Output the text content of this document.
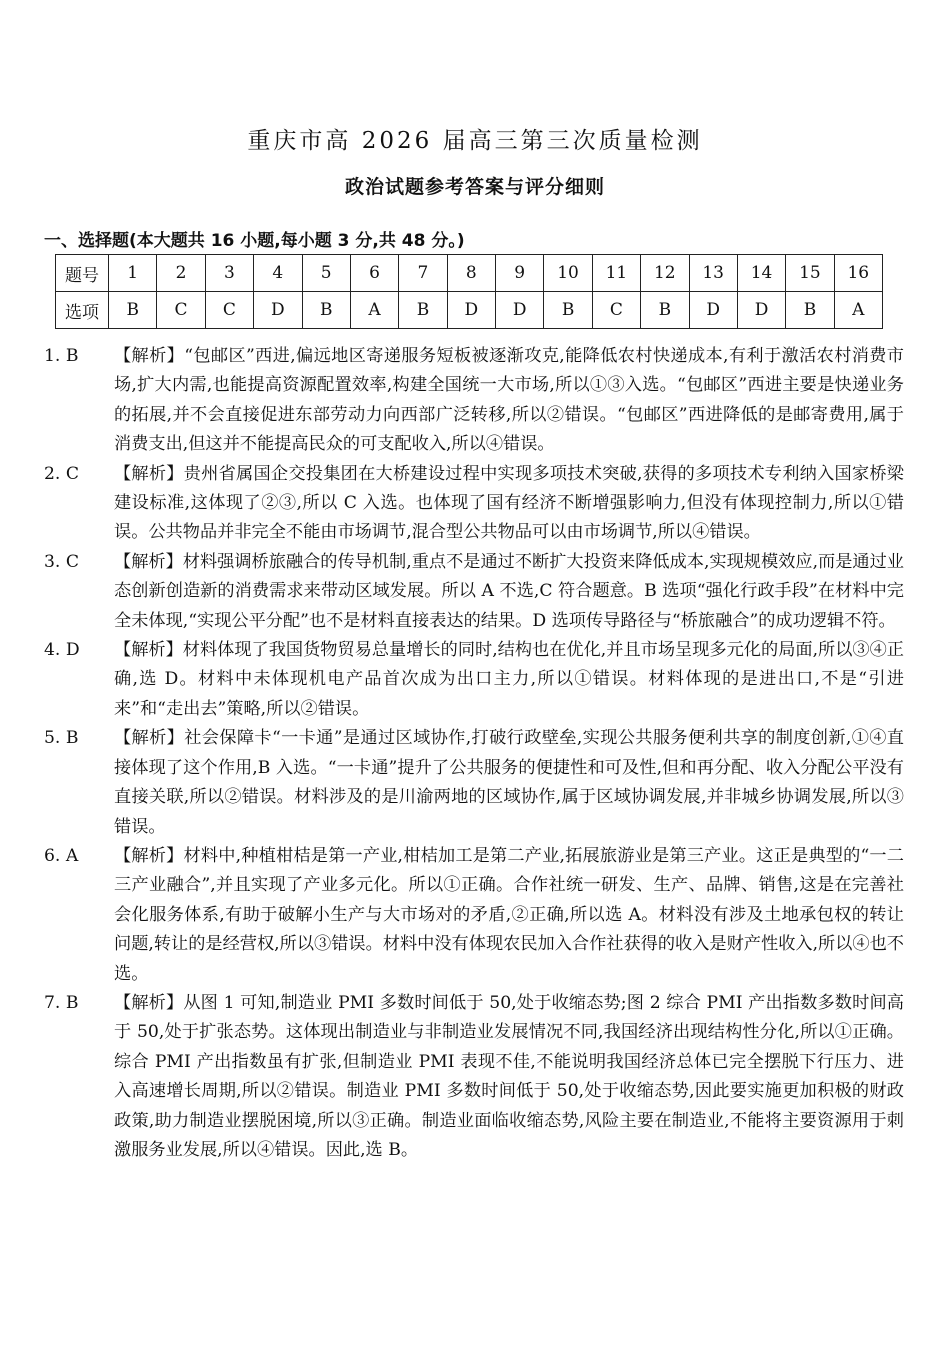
重庆市高 2026 届高三第三次质量检测
政治试题参考答案与评分细则
一、选择题(本大题共 16 小题,每小题 3 分,共 48 分。)
题号	1	2	3	4	5	6	7	8	9	10	11	12	13	14	15	16
选项	B	C	C	D	B	A	B	D	D	B	C	B	D	D	B	A
1. B	【解析】“包邮区”西进,偏远地区寄递服务短板被逐渐攻克,能降低农村快递成本,有利于激活农村消费市场,扩大内需,也能提高资源配置效率,构建全国统一大市场,所以①③入选。“包邮区”西进主要是快递业务的拓展,并不会直接促进东部劳动力向西部广泛转移,所以②错误。“包邮区”西进降低的是邮寄费用,属于消费支出,但这并不能提高民众的可支配收入,所以④错误。
2. C	【解析】贵州省属国企交投集团在大桥建设过程中实现多项技术突破,获得的多项技术专利纳入国家桥梁建设标准,这体现了②③,所以 C 入选。也体现了国有经济不断增强影响力,但没有体现控制力,所以①错误。公共物品并非完全不能由市场调节,混合型公共物品可以由市场调节,所以④错误。
3. C	【解析】材料强调桥旅融合的传导机制,重点不是通过不断扩大投资来降低成本,实现规模效应,而是通过业态创新创造新的消费需求来带动区域发展。所以 A 不选,C 符合题意。B 选项“强化行政手段”在材料中完全未体现,“实现公平分配”也不是材料直接表达的结果。D 选项传导路径与“桥旅融合”的成功逻辑不符。
4. D	【解析】材料体现了我国货物贸易总量增长的同时,结构也在优化,并且市场呈现多元化的局面,所以③④正确,选 D。材料中未体现机电产品首次成为出口主力,所以①错误。材料体现的是进出口,不是“引进来”和“走出去”策略,所以②错误。
5. B	【解析】社会保障卡“一卡通”是通过区域协作,打破行政壁垒,实现公共服务便利共享的制度创新,①④直接体现了这个作用,B 入选。“一卡通”提升了公共服务的便捷性和可及性,但和再分配、收入分配公平没有直接关联,所以②错误。材料涉及的是川渝两地的区域协作,属于区域协调发展,并非城乡协调发展,所以③错误。
6. A	【解析】材料中,种植柑桔是第一产业,柑桔加工是第二产业,拓展旅游业是第三产业。这正是典型的“一二三产业融合”,并且实现了产业多元化。所以①正确。合作社统一研发、生产、品牌、销售,这是在完善社会化服务体系,有助于破解小生产与大市场对的矛盾,②正确,所以选 A。材料没有涉及土地承包权的转让问题,转让的是经营权,所以③错误。材料中没有体现农民加入合作社获得的收入是财产性收入,所以④也不选。
7. B	【解析】从图 1 可知,制造业 PMI 多数时间低于 50,处于收缩态势;图 2 综合 PMI 产出指数多数时间高于 50,处于扩张态势。这体现出制造业与非制造业发展情况不同,我国经济出现结构性分化,所以①正确。综合 PMI 产出指数虽有扩张,但制造业 PMI 表现不佳,不能说明我国经济总体已完全摆脱下行压力、进入高速增长周期,所以②错误。制造业 PMI 多数时间低于 50,处于收缩态势,因此要实施更加积极的财政政策,助力制造业摆脱困境,所以③正确。制造业面临收缩态势,风险主要在制造业,不能将主要资源用于刺激服务业发展,所以④错误。因此,选 B。
